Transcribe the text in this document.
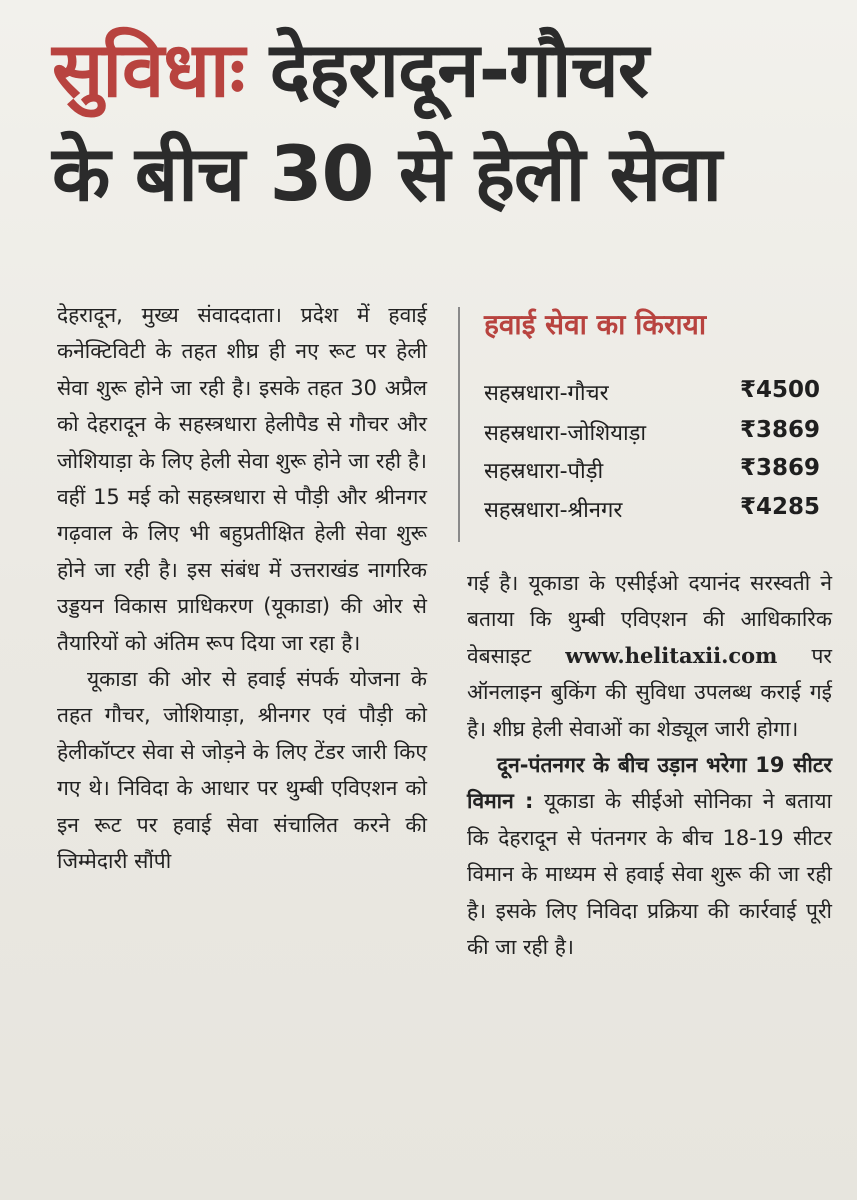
सुविधाः देहरादून-गौचर
के बीच 30 से हेली सेवा

देहरादून, मुख्य संवाददाता। प्रदेश में हवाई कनेक्टिविटी के तहत शीघ्र ही नए रूट पर हेली सेवा शुरू होने जा रही है। इसके तहत 30 अप्रैल को देहरादून के सहस्त्रधारा हेलीपैड से गौचर और जोशियाड़ा के लिए हेली सेवा शुरू होने जा रही है। वहीं 15 मई को सहस्त्रधारा से पौड़ी और श्रीनगर गढ़वाल के लिए भी बहुप्रतीक्षित हेली सेवा शुरू होने जा रही है। इस संबंध में उत्तराखंड नागरिक उड्डयन विकास प्राधिकरण (यूकाडा) की ओर से तैयारियों को अंतिम रूप दिया जा रहा है।

यूकाडा की ओर से हवाई संपर्क योजना के तहत गौचर, जोशियाड़ा, श्रीनगर एवं पौड़ी को हेलीकॉप्टर सेवा से जोड़ने के लिए टेंडर जारी किए गए थे। निविदा के आधार पर थुम्बी एविएशन को इन रूट पर हवाई सेवा संचालित करने की जिम्मेदारी सौंपी

हवाई सेवा का किराया
सहस्रधारा-गौचर	₹4500
सहस्रधारा-जोशियाड़ा	₹3869
सहस्रधारा-पौड़ी	₹3869
सहस्रधारा-श्रीनगर	₹4285

गई है। यूकाडा के एसीईओ दयानंद सरस्वती ने बताया कि थुम्बी एविएशन की आधिकारिक वेबसाइट www.helitaxii.com पर ऑनलाइन बुकिंग की सुविधा उपलब्ध कराई गई है। शीघ्र हेली सेवाओं का शेड्यूल जारी होगा।

दून-पंतनगर के बीच उड़ान भरेगा 19 सीटर विमान : यूकाडा के सीईओ सोनिका ने बताया कि देहरादून से पंतनगर के बीच 18-19 सीटर विमान के माध्यम से हवाई सेवा शुरू की जा रही है। इसके लिए निविदा प्रक्रिया की कार्रवाई पूरी की जा रही है।
